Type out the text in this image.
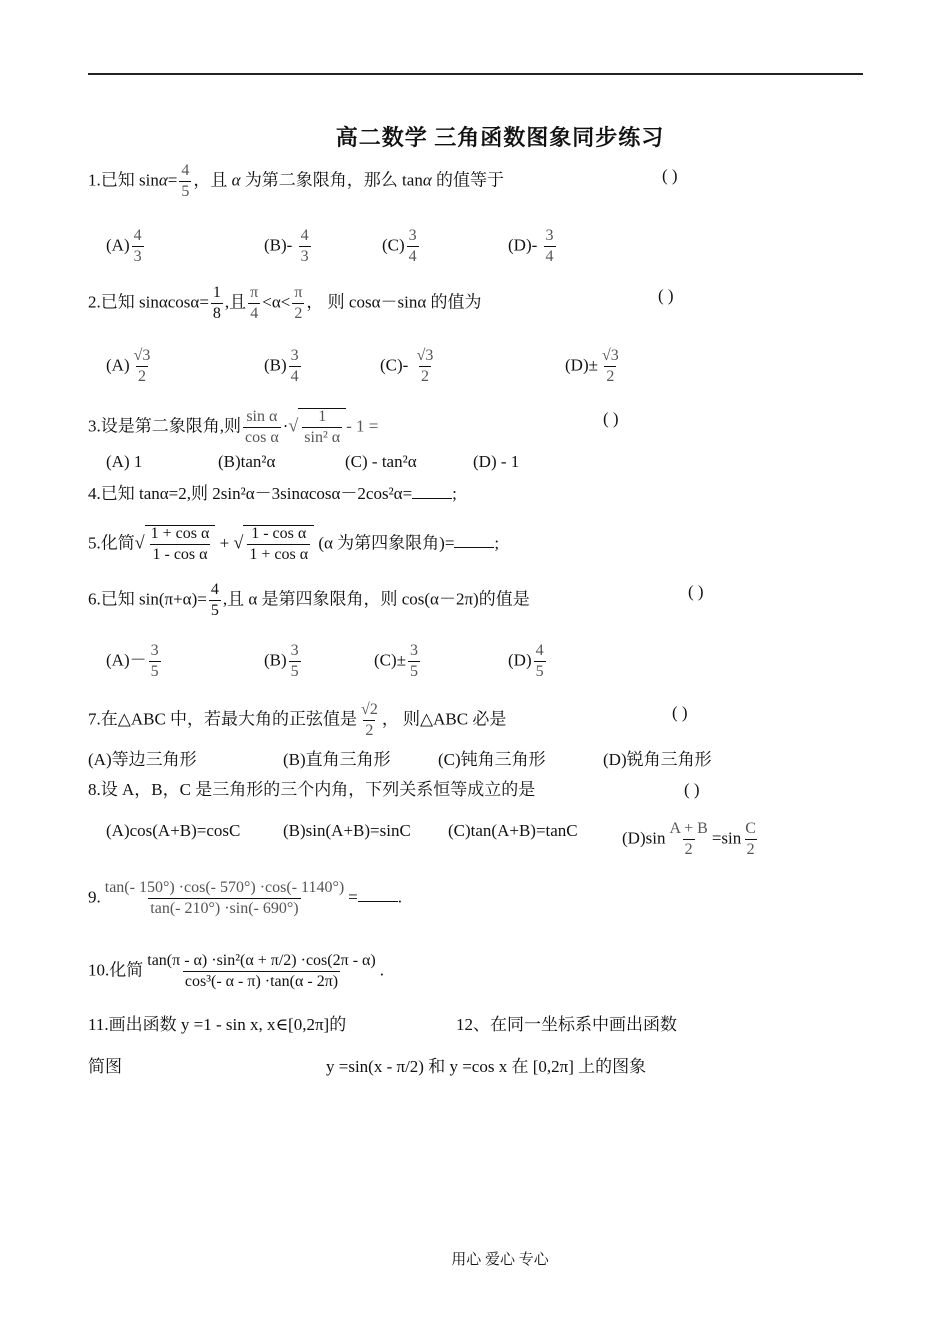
高二数学 三角函数图象同步练习
1.已知 $\sin\alpha= \frac{4}{5}$ ，且 α 为第二象限角，那么 tanα 的值等于	( )
$(A) \frac{4}{3}$	$(B)- \frac{4}{3}$	$(C) \frac{3}{4}$	$(D)- \frac{3}{4}$
2.已知 $\sin\alpha\cos\alpha= \frac{1}{8}$ ,且 $\frac{\pi}{4} <\alpha< \frac{\pi}{2}$ ， 则 cosα－sinα 的值为	( )
$(A) \frac{√3}{2}$	$(B) \frac{3}{4}$	$(C)- \frac{√3}{2}$	$(D)\pm \frac{√3}{2}$
3.设是第二象限角,则 $\frac{\text{sin α}}{\text{cos α}}$ ·√ $\frac{1}{\text{sin² α}} - 1$ =	( )
(A) 1	(B)tan²α	(C) - tan²α	(D) - 1
4.已知 tanα=2,则 2sin²α－3sinαcosα－2cos²α= ;
5.化简√ $\frac{\text{1 + cos α}}{\text{1 - cos α}}$ + √ $\frac{\text{1 - cos α}}{\text{1 + cos α}} (\alpha$ 为第四象限角)= ;
6.已知 $\sin(\pi+\alpha)= \frac{4}{5}$ ,且 α 是第四象限角，则 cos(α－2π)的值是	( )
$(A)- \frac{3}{5}$	$(B) \frac{3}{5}$	$(C)\pm \frac{3}{5}$	$(D) \frac{4}{5}$
7.在△ABC 中，若最大角的正弦值是 $\frac{√2}{2}$ ， 则△ABC 必是	( )
(A)等边三角形	(B)直角三角形	(C)钝角三角形	(D)锐角三角形
8.设 A，B，C 是三角形的三个内角，下列关系恒等成立的是	( )
(A)cos(A+B)=cosC	(B)sin(A+B)=sinC (C)tan(A+B)=tanC	$(D)\sin \frac{A + B}{2} =\sin \frac{C}{2}$
9. $\frac{\tan(- 150^\circ) \cdot\cos(- 570^\circ) \cdot\cos(- 1140^\circ)}{\tan(- 210^\circ) \cdot\sin(- 690^\circ)}$ = .
10.化简 $\frac{\text{tan(π - α) ·sin²(α + π/2) ·cos(2π - α)}}{\text{cos³(- α - π) ·tan(α - 2π)}}$ .
11.画出函数 y =1 - sin x, x∈[0,2π]的
简图
12、在同一坐标系中画出函数
y =sin(x - π/2) 和 y =cos x 在 [0,2π] 上的图象
用心 爱心 专心
